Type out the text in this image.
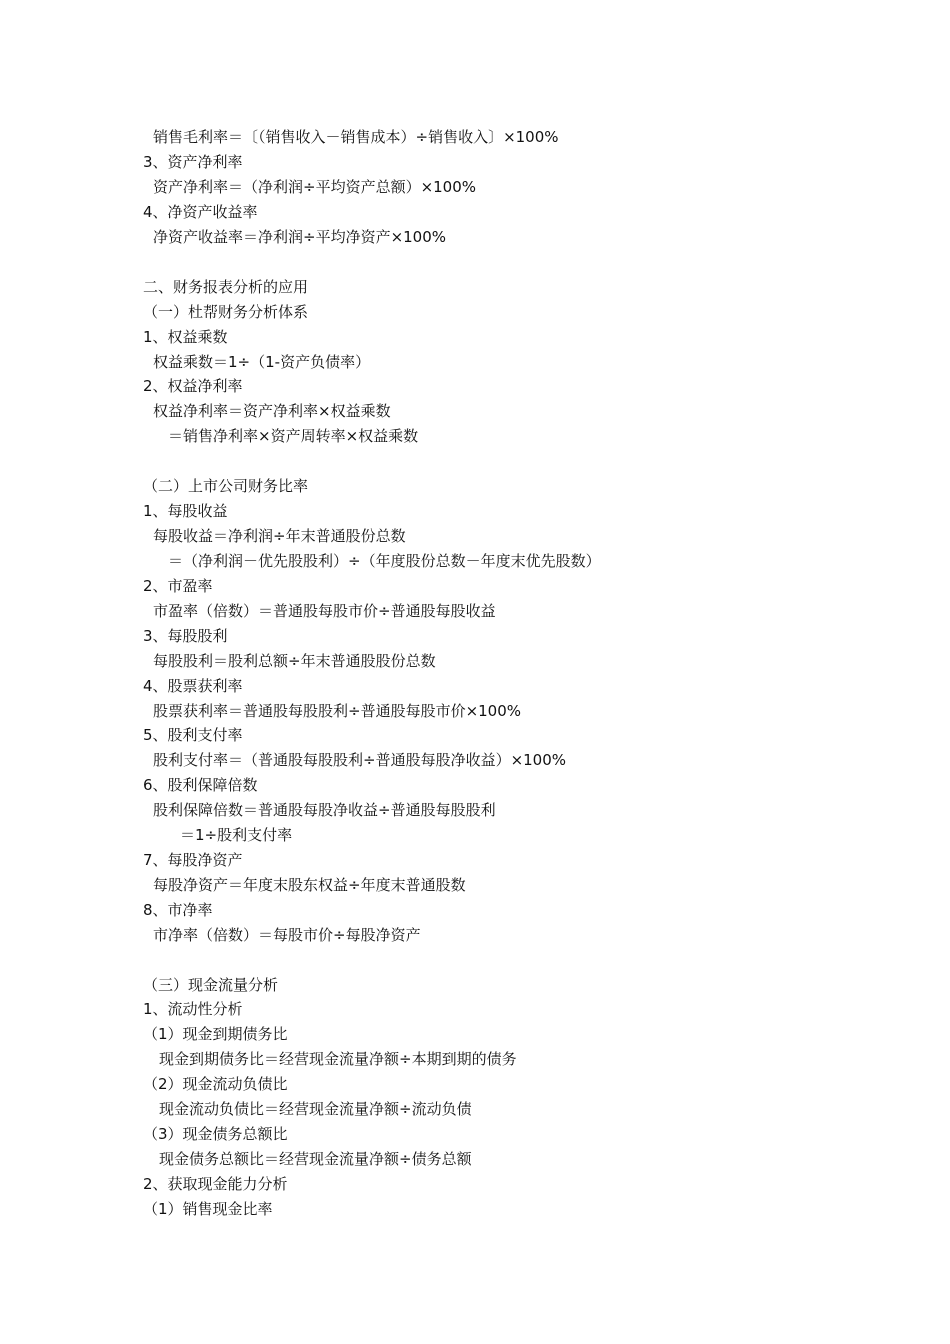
销售毛利率＝〔（销售收入－销售成本）÷销售收入〕×100%
3、资产净利率
资产净利率＝（净利润÷平均资产总额）×100%
4、净资产收益率
净资产收益率＝净利润÷平均净资产×100%
二、财务报表分析的应用
（一）杜帮财务分析体系
1、权益乘数
权益乘数＝1÷（1-资产负债率）
2、权益净利率
权益净利率＝资产净利率×权益乘数
＝销售净利率×资产周转率×权益乘数
（二）上市公司财务比率
1、每股收益
每股收益＝净利润÷年末普通股份总数
＝（净利润－优先股股利）÷（年度股份总数－年度末优先股数）
2、市盈率
市盈率（倍数）＝普通股每股市价÷普通股每股收益
3、每股股利
每股股利＝股利总额÷年末普通股股份总数
4、股票获利率
股票获利率＝普通股每股股利÷普通股每股市价×100%
5、股利支付率
股利支付率＝（普通股每股股利÷普通股每股净收益）×100%
6、股利保障倍数
股利保障倍数＝普通股每股净收益÷普通股每股股利
＝1÷股利支付率
7、每股净资产
每股净资产＝年度末股东权益÷年度末普通股数
8、市净率
市净率（倍数）＝每股市价÷每股净资产
（三）现金流量分析
1、流动性分析
（1）现金到期债务比
现金到期债务比＝经营现金流量净额÷本期到期的债务
（2）现金流动负债比
现金流动负债比＝经营现金流量净额÷流动负债
（3）现金债务总额比
现金债务总额比＝经营现金流量净额÷债务总额
2、获取现金能力分析
（1）销售现金比率
